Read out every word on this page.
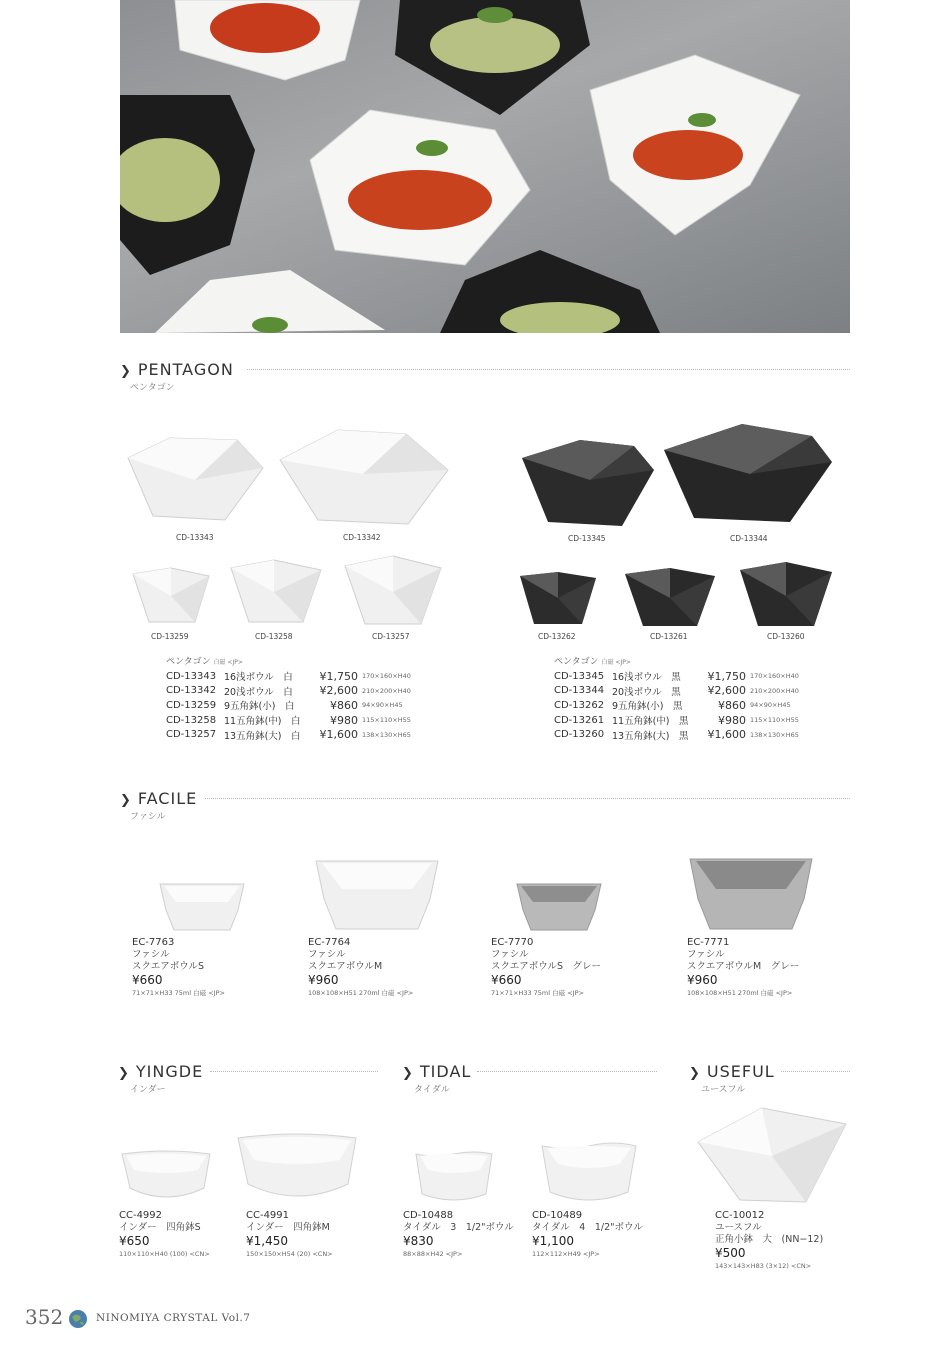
❯ PENTAGON
ペンタゴン
CD-13343	CD-13342	CD-13345	CD-13344
CD-13259	CD-13258	CD-13257	CD-13262	CD-13261	CD-13260
ペンタゴン 白磁 <JP>
CD-13343 16浅ボウル　白	¥1,750 170×160×H40
CD-13342 20浅ボウル　白	¥2,600 210×200×H40
CD-13259 9五角鉢(小)　白	¥860 94×90×H45
CD-13258 11五角鉢(中)　白	¥980 115×110×H55
CD-13257 13五角鉢(大)　白	¥1,600 138×130×H65
ペンタゴン 白磁 <JP>
CD-13345 16浅ボウル　黒	¥1,750 170×160×H40
CD-13344 20浅ボウル　黒	¥2,600 210×200×H40
CD-13262 9五角鉢(小)　黒	¥860 94×90×H45
CD-13261 11五角鉢(中)　黒	¥980 115×110×H55
CD-13260 13五角鉢(大)　黒	¥1,600 138×130×H65
❯ FACILE
ファシル
EC-7763
ファシル
スクエアボウルS
¥660
71×71×H33 75ml 白磁 <JP>
EC-7764
ファシル
スクエアボウルM
¥960
108×108×H51 270ml 白磁 <JP>
EC-7770
ファシル
スクエアボウルS　グレー
¥660
71×71×H33 75ml 白磁 <JP>
EC-7771
ファシル
スクエアボウルM　グレー
¥960
108×108×H51 270ml 白磁 <JP>
❯ YINGDE
インダー
CC-4992
インダー　四角鉢S
¥650
110×110×H40 (100) <CN>
CC-4991
インダー　四角鉢M
¥1,450
150×150×H54 (20) <CN>
❯ TIDAL
タイダル
CD-10488
タイダル　3　1/2"ボウル
¥830
88×88×H42 <JP>
CD-10489
タイダル　4　1/2"ボウル
¥1,100
112×112×H49 <JP>
❯ USEFUL
ユースフル
CC-10012
ユースフル
正角小鉢　大　(NN−12)
¥500
143×143×H83 (3×12) <CN>
352	NINOMIYA CRYSTAL Vol.7
